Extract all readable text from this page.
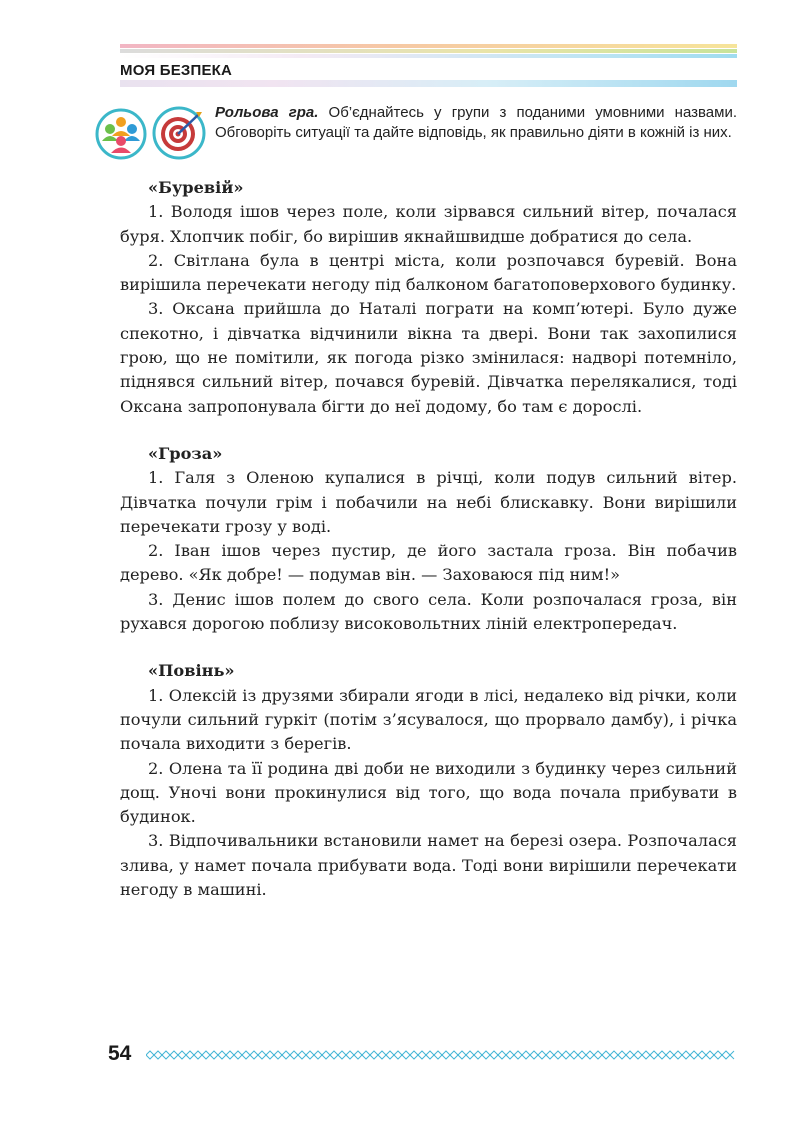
МОЯ БЕЗПЕКА
Рольова гра. Об’єднайтесь у групи з поданими умовними назвами. Обговоріть ситуації та дайте відповідь, як правильно діяти в кожній із них.

«Буревій»

1. Володя ішов через поле, коли зірвався сильний вітер, почалася буря. Хлопчик побіг, бо вирішив якнайшвидше добратися до села.

2. Світлана була в центрі міста, коли розпочався буревій. Вона вирішила перечекати негоду під балконом багатоповерхового будинку.

3. Оксана прийшла до Наталі пограти на комп’ютері. Було дуже спекотно, і дівчатка відчинили вікна та двері. Вони так захопилися грою, що не помітили, як погода різко змінилася: надворі потемніло, піднявся сильний вітер, почався буревій. Дівчатка перелякалися, тоді Оксана запропонувала бігти до неї додому, бо там є дорослі.

«Гроза»

1. Галя з Оленою купалися в річці, коли подув сильний вітер. Дівчатка почули грім і побачили на небі блискавку. Вони вирішили перечекати грозу у воді.

2. Іван ішов через пустир, де його застала гроза. Він побачив дерево. «Як добре! — подумав він. — Заховаюся під ним!»

3. Денис ішов полем до свого села. Коли розпочалася гроза, він рухався дорогою поблизу високовольтних ліній електропередач.

«Повінь»

1. Олексій із друзями збирали ягоди в лісі, недалеко від річки, коли почули сильний гуркіт (потім з’ясувалося, що прорвало дамбу), і річка почала виходити з берегів.

2. Олена та її родина дві доби не виходили з будинку через сильний дощ. Уночі вони прокинулися від того, що вода почала прибувати в будинок.

3. Відпочивальники встановили намет на березі озера. Розпочалася злива, у намет почала прибувати вода. Тоді вони вирішили перечекати негоду в машині.

54
